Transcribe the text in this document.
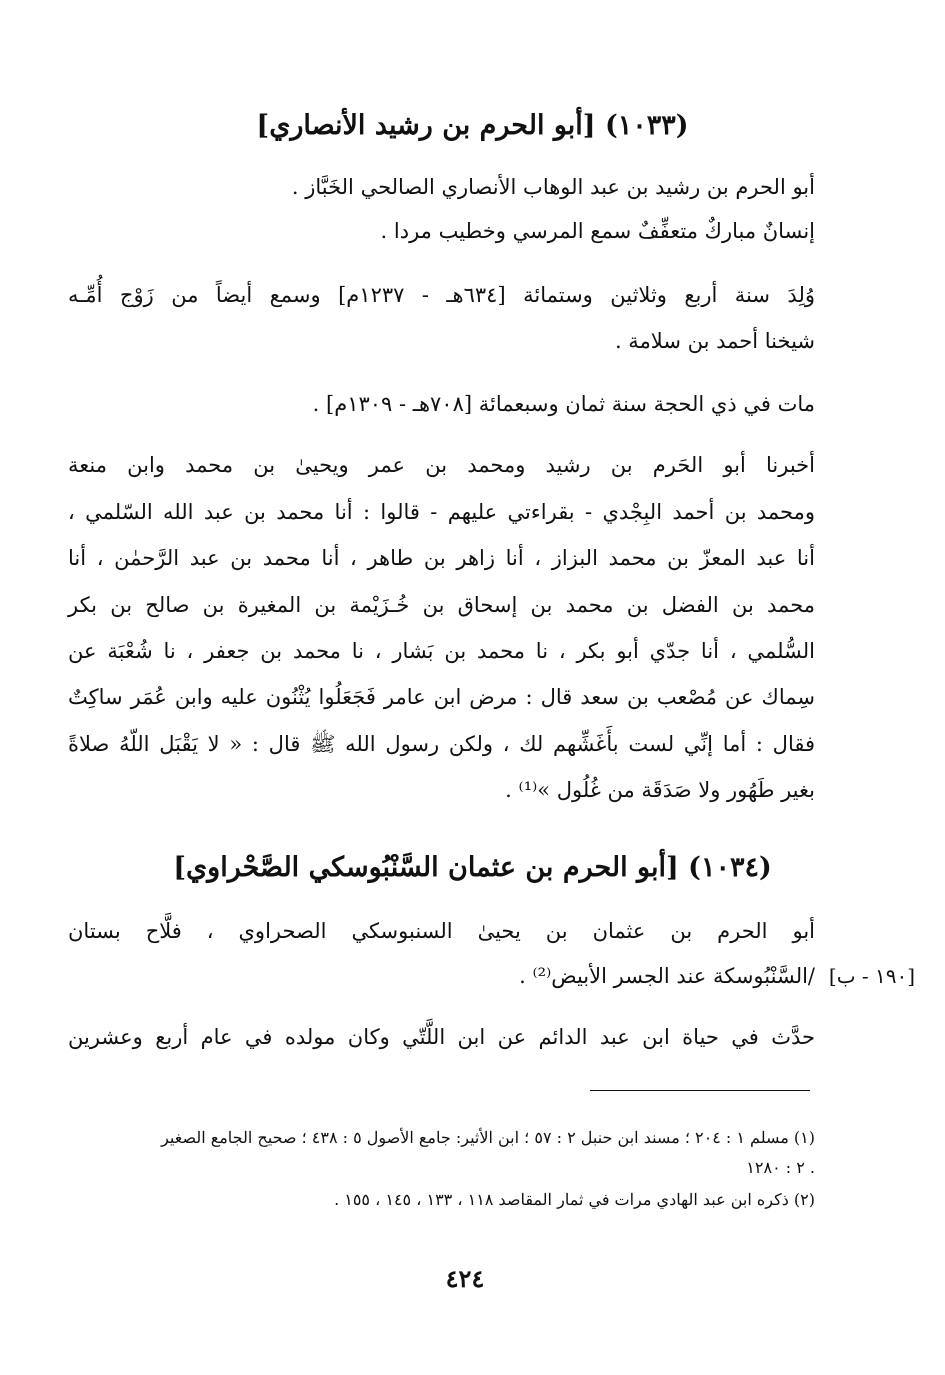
(١٠٣٣) [أبو الحرم بن رشيد الأنصاري]
أبو الحرم بن رشيد بن عبد الوهاب الأنصاري الصالحي الخَبَّاز .
إنسانٌ مباركٌ متعفِّفٌ سمع المرسي وخطيب مردا .
وُلِدَ سنة أربع وثلاثين وستمائة [٦٣٤هـ - ١٢٣٧م] وسمع أيضاً من زَوْج أُمِّـه
شيخنا أحمد بن سلامة .
مات في ذي الحجة سنة ثمان وسبعمائة [٧٠٨هـ - ١٣٠٩م] .
أخبرنا أبو الحَرم بن رشيد ومحمد بن عمر ويحيىٰ بن محمد وابن منعة
ومحمد بن أحمد البِجْدي - بقراءتي عليهم - قالوا : أنا محمد بن عبد الله السّلمي ،
أنا عبد المعزّ بن محمد البزاز ، أنا زاهر بن طاهر ، أنا محمد بن عبد الرَّحمٰن ، أنا
محمد بن الفضل بن محمد بن إسحاق بن خُـزَيْمة بن المغيرة بن صالح بن بكر
السُّلمي ، أنا جدّي أبو بكر ، نا محمد بن بَشار ، نا محمد بن جعفر ، نا شُعْبَة عن
سِماك عن مُصْعب بن سعد قال : مرض ابن عامر فَجَعَلُوا يُثْنُون عليه وابن عُمَر ساكِتٌ
فقال : أما إنِّي لست بأَغَشِّهم لك ، ولكن رسول الله ﷺ قال : « لا يَقْبَل اللّهُ صلاةً
بغير طَهُور ولا صَدَقَة من غُلُول »⁽¹⁾ .
(١٠٣٤) [أبو الحرم بن عثمان السَّنْبُوسكي الصَّحْراوي]
أبو الحرم بن عثمان بن يحيىٰ السنبوسكي الصحراوي ، فلَّاح بستان
/السَّنْبُوسكة عند الجسر الأبيض⁽²⁾ . [١٩٠ - ب]
حدَّث في حياة ابن عبد الدائم عن ابن اللَّتّي وكان مولده في عام أربع وعشرين
(١) مسلم ١ : ٢٠٤ ؛ مسند ابن حنبل ٢ : ٥٧ ؛ ابن الأثير: جامع الأصول ٥ : ٤٣٨ ؛ صحيح الجامع الصغير
٢ : ١٢٨٠ .
(٢) ذكره ابن عبد الهادي مرات في ثمار المقاصد ١١٨ ، ١٣٣ ، ١٤٥ ، ١٥٥ .
٤٢٤
